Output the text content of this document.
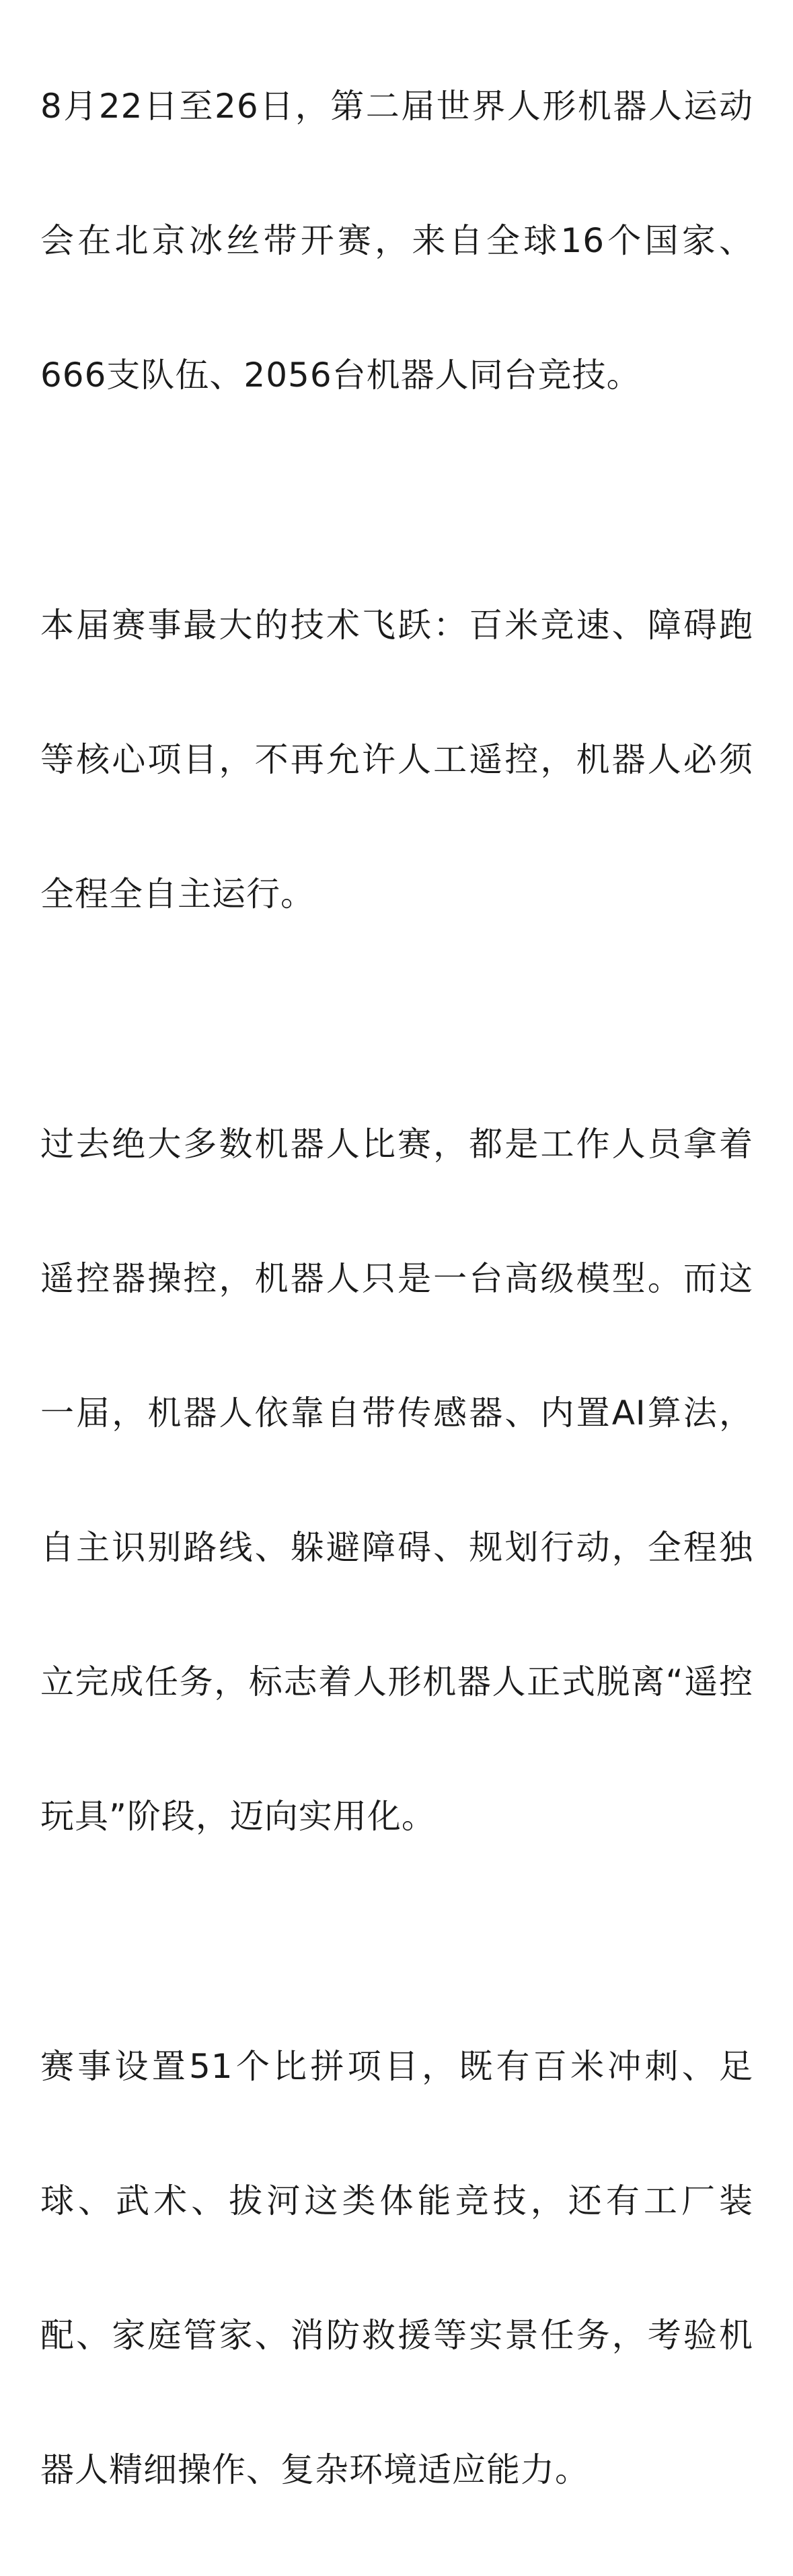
8月22日至26日，第二届世界人形机器人运动

会在北京冰丝带开赛，来自全球16个国家、

666支队伍、2056台机器人同台竞技。

本届赛事最大的技术飞跃：百米竞速、障碍跑

等核心项目，不再允许人工遥控，机器人必须

全程全自主运行。

过去绝大多数机器人比赛，都是工作人员拿着

遥控器操控，机器人只是一台高级模型。而这

一届，机器人依靠自带传感器、内置AI算法，

自主识别路线、躲避障碍、规划行动，全程独

立完成任务，标志着人形机器人正式脱离“遥控

玩具”阶段，迈向实用化。

赛事设置51个比拼项目，既有百米冲刺、足

球、武术、拔河这类体能竞技，还有工厂装

配、家庭管家、消防救援等实景任务，考验机

器人精细操作、复杂环境适应能力。
